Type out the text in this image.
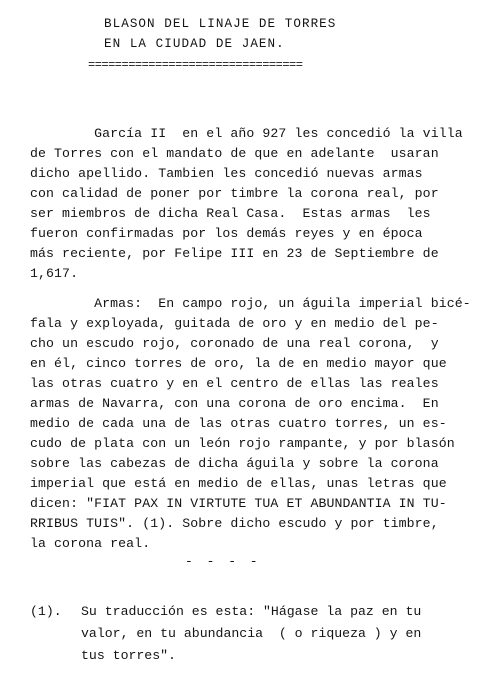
BLASON DEL LINAJE DE TORRES
EN LA CIUDAD DE JAEN.
================================
García II  en el año 927 les concedió la villa
de Torres con el mandato de que en adelante  usaran
dicho apellido. Tambien les concedió nuevas armas
con calidad de poner por timbre la corona real, por
ser miembros de dicha Real Casa.  Estas armas  les
fueron confirmadas por los demás reyes y en época
más reciente, por Felipe III en 23 de Septiembre de
1,617.
Armas:  En campo rojo, un águila imperial bicé-
fala y exployada, guitada de oro y en medio del pe-
cho un escudo rojo, coronado de una real corona,  y
en él, cinco torres de oro, la de en medio mayor que
las otras cuatro y en el centro de ellas las reales
armas de Navarra, con una corona de oro encima.  En
medio de cada una de las otras cuatro torres, un es-
cudo de plata con un león rojo rampante, y por blasón
sobre las cabezas de dicha águila y sobre la corona
imperial que está en medio de ellas, unas letras que
dicen: "FIAT PAX IN VIRTUTE TUA ET ABUNDANTIA IN TU-
RRIBUS TUIS". (1). Sobre dicho escudo y por timbre,
la corona real.
- - - -
(1). Su traducción es esta: "Hágase la paz en tu
valor, en tu abundancia  ( o riqueza ) y en
tus torres".
